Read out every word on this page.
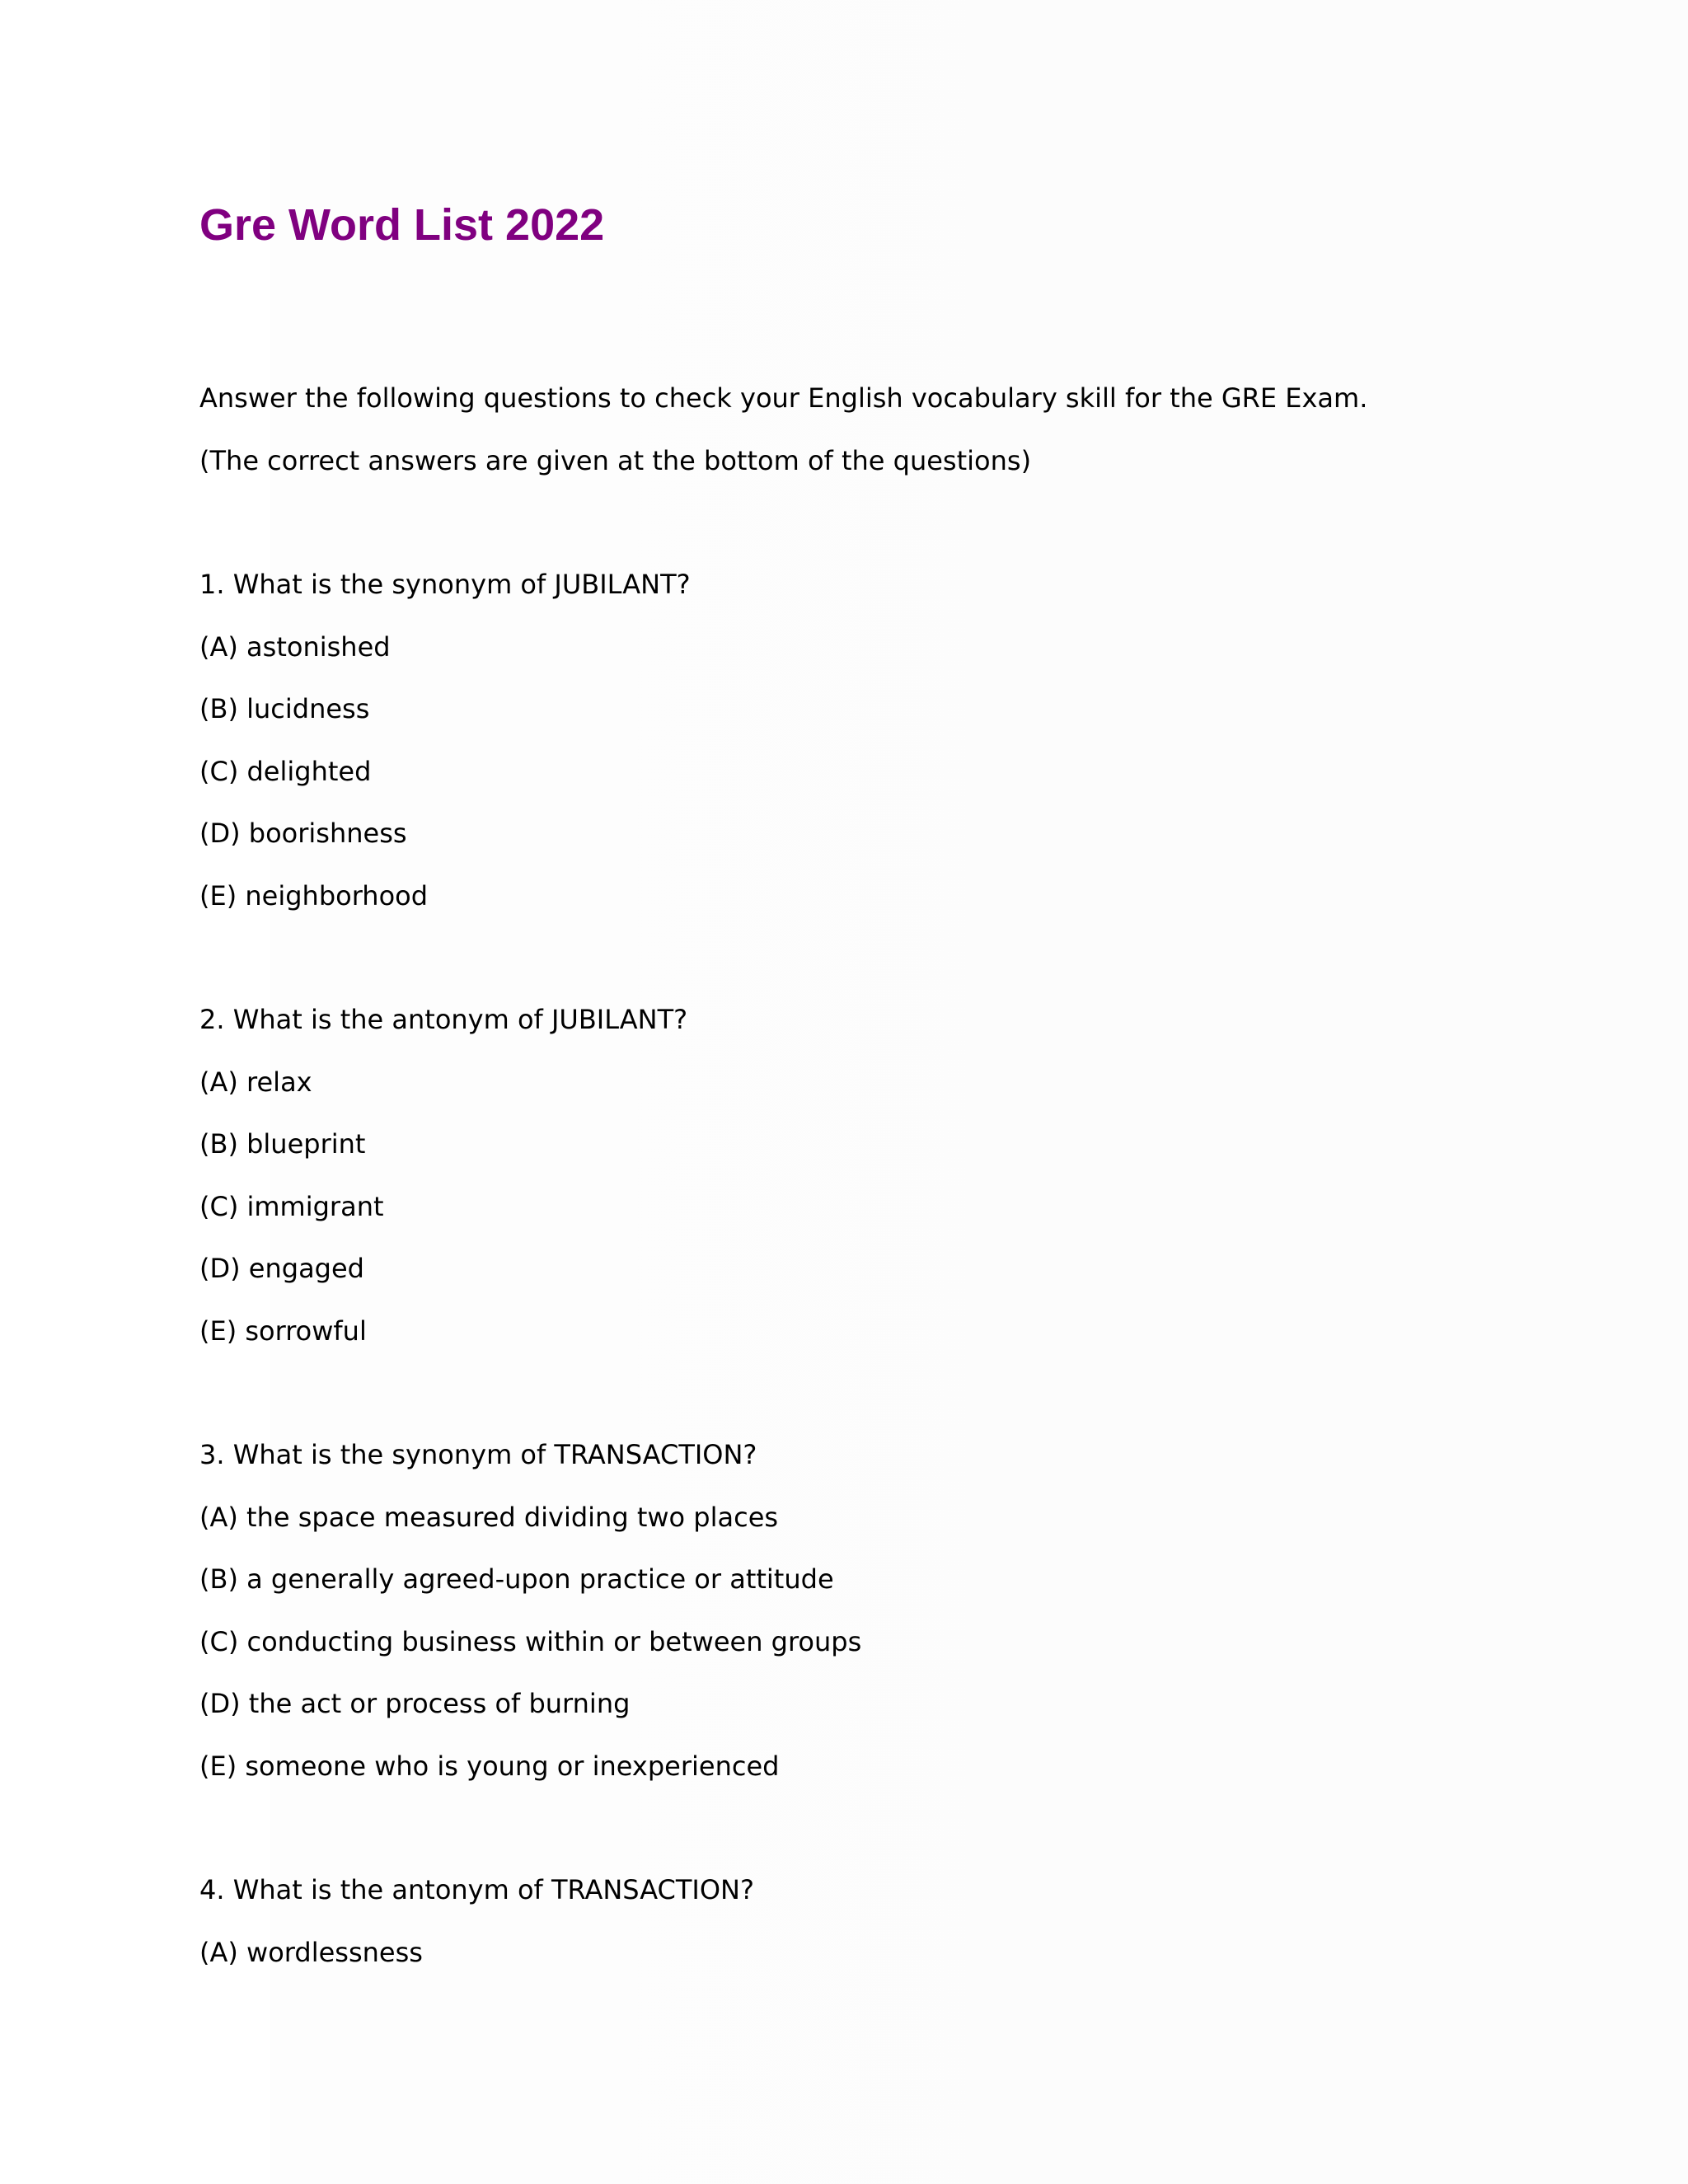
Gre Word List 2022

Answer the following questions to check your English vocabulary skill for the GRE Exam.

(The correct answers are given at the bottom of the questions)

1. What is the synonym of JUBILANT?

(A) astonished

(B) lucidness

(C) delighted

(D) boorishness

(E) neighborhood

2. What is the antonym of JUBILANT?

(A) relax

(B) blueprint

(C) immigrant

(D) engaged

(E) sorrowful

3. What is the synonym of TRANSACTION?

(A) the space measured dividing two places

(B) a generally agreed-upon practice or attitude

(C) conducting business within or between groups

(D) the act or process of burning

(E) someone who is young or inexperienced

4. What is the antonym of TRANSACTION?

(A) wordlessness
